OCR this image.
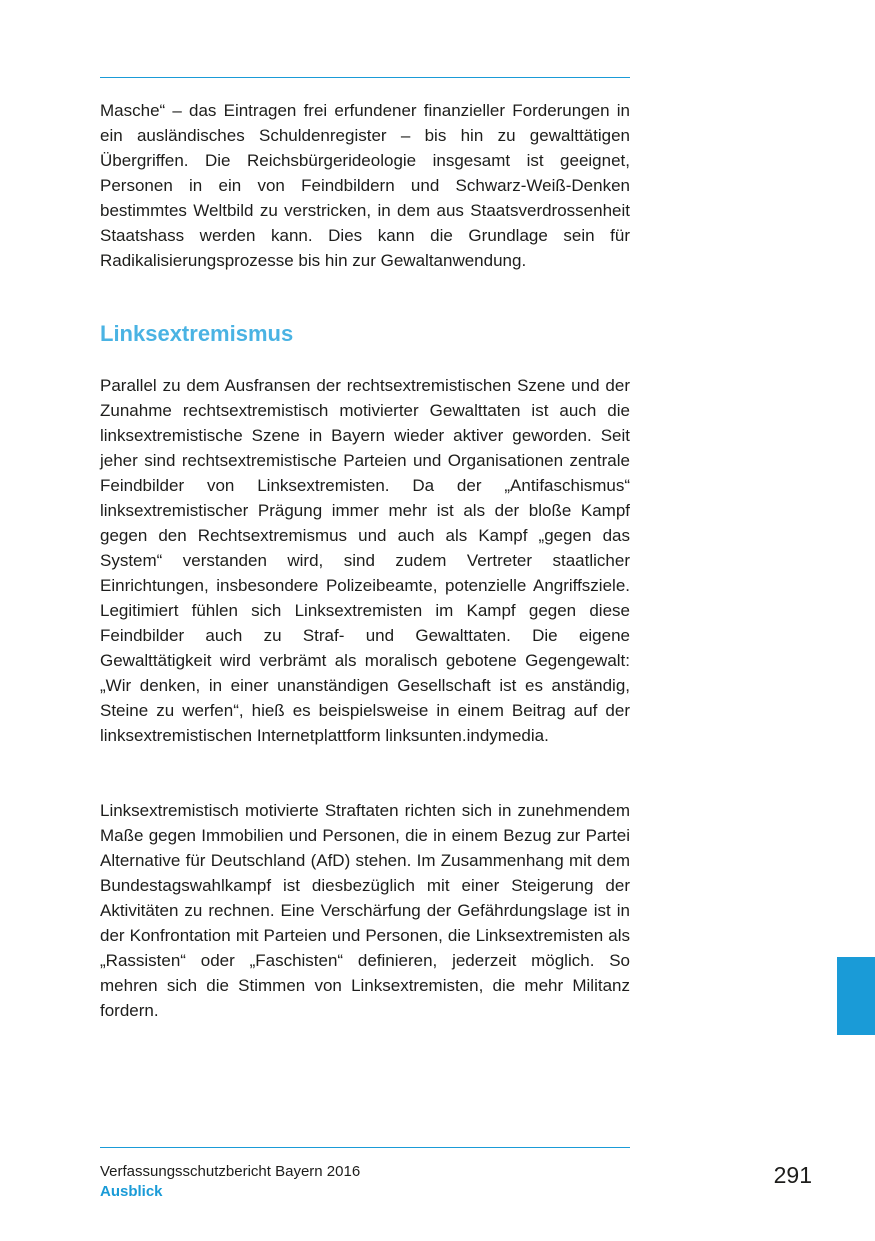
Masche“ – das Eintragen frei erfundener finanzieller Forderungen in ein ausländisches Schuldenregister – bis hin zu gewalttätigen Übergriffen. Die Reichsbürgerideologie insgesamt ist geeignet, Personen in ein von Feindbildern und Schwarz-Weiß-Denken bestimmtes Weltbild zu verstricken, in dem aus Staatsverdrossenheit Staatshass werden kann. Dies kann die Grundlage sein für Radikalisierungsprozesse bis hin zur Gewaltanwendung.

Linksextremismus

Parallel zu dem Ausfransen der rechtsextremistischen Szene und der Zunahme rechtsextremistisch motivierter Gewalttaten ist auch die linksextremistische Szene in Bayern wieder aktiver geworden. Seit jeher sind rechtsextremistische Parteien und Organisationen zentrale Feindbilder von Linksextremisten. Da der „Antifaschismus“ linksextremistischer Prägung immer mehr ist als der bloße Kampf gegen den Rechtsextremismus und auch als Kampf „gegen das System“ verstanden wird, sind zudem Vertreter staatlicher Einrichtungen, insbesondere Polizeibeamte, potenzielle Angriffsziele. Legitimiert fühlen sich Linksextremisten im Kampf gegen diese Feindbilder auch zu Straf- und Gewalttaten. Die eigene Gewalttätigkeit wird verbrämt als moralisch gebotene Gegengewalt: „Wir denken, in einer unanständigen Gesellschaft ist es anständig, Steine zu werfen“, hieß es beispielsweise in einem Beitrag auf der linksextremistischen Internetplattform linksunten.indymedia.

Linksextremistisch motivierte Straftaten richten sich in zunehmendem Maße gegen Immobilien und Personen, die in einem Bezug zur Partei Alternative für Deutschland (AfD) stehen. Im Zusammenhang mit dem Bundestagswahlkampf ist diesbezüglich mit einer Steigerung der Aktivitäten zu rechnen. Eine Verschärfung der Gefährdungslage ist in der Konfrontation mit Parteien und Personen, die Linksextremisten als „Rassisten“ oder „Faschisten“ definieren, jederzeit möglich. So mehren sich die Stimmen von Linksextremisten, die mehr Militanz fordern.

Verfassungsschutzbericht Bayern 2016
Ausblick
291
